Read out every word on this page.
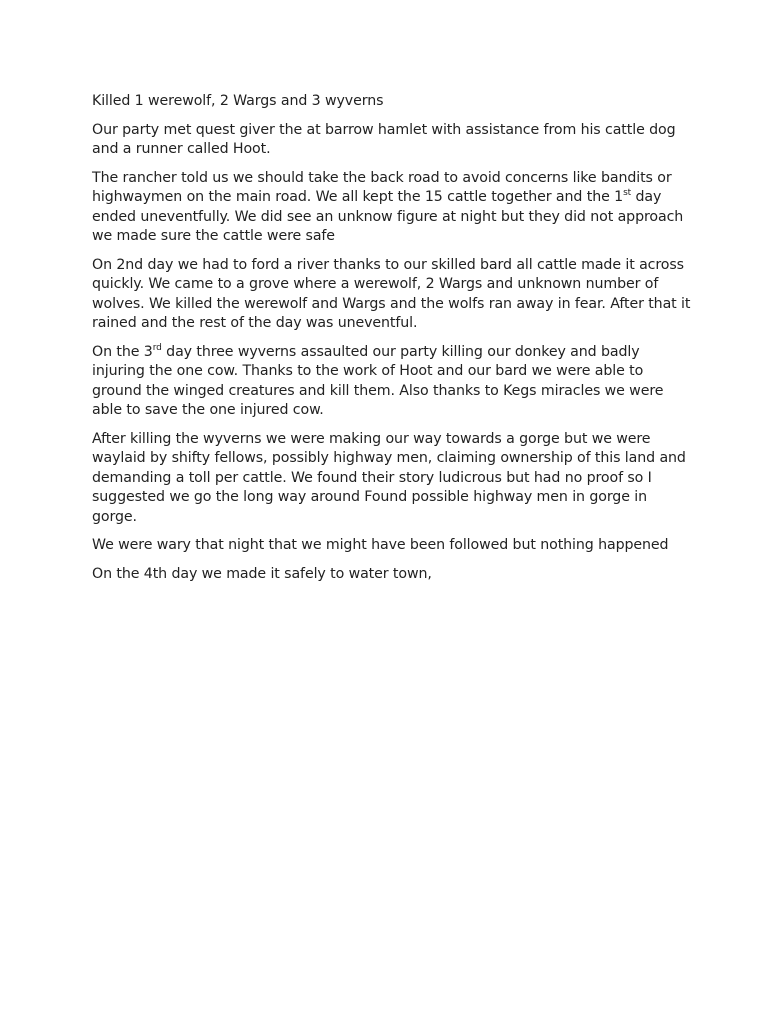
Killed 1 werewolf, 2 Wargs and 3 wyverns

Our party met quest giver the at barrow hamlet with assistance from his cattle dog and a runner called Hoot.

The rancher told us we should take the back road to avoid concerns like bandits or highwaymen on the main road. We all kept the 15 cattle together and the 1st day ended uneventfully. We did see an unknow figure at night but they did not approach we made sure the cattle were safe

On 2nd day we had to ford a river thanks to our skilled bard all cattle made it across quickly. We came to a grove where a werewolf, 2 Wargs and unknown number of wolves. We killed the werewolf and Wargs and the wolfs ran away in fear. After that it rained and the rest of the day was uneventful.

On the 3rd day three wyverns assaulted our party killing our donkey and badly injuring the one cow. Thanks to the work of Hoot and our bard we were able to ground the winged creatures and kill them. Also thanks to Kegs miracles we were able to save the one injured cow.

After killing the wyverns we were making our way towards a gorge but we were waylaid by shifty fellows, possibly highway men, claiming ownership of this land and demanding a toll per cattle. We found their story ludicrous but had no proof so I suggested we go the long way around Found possible highway men in gorge in gorge.

We were wary that night that we might have been followed but nothing happened

On the 4th day we made it safely to water town,
